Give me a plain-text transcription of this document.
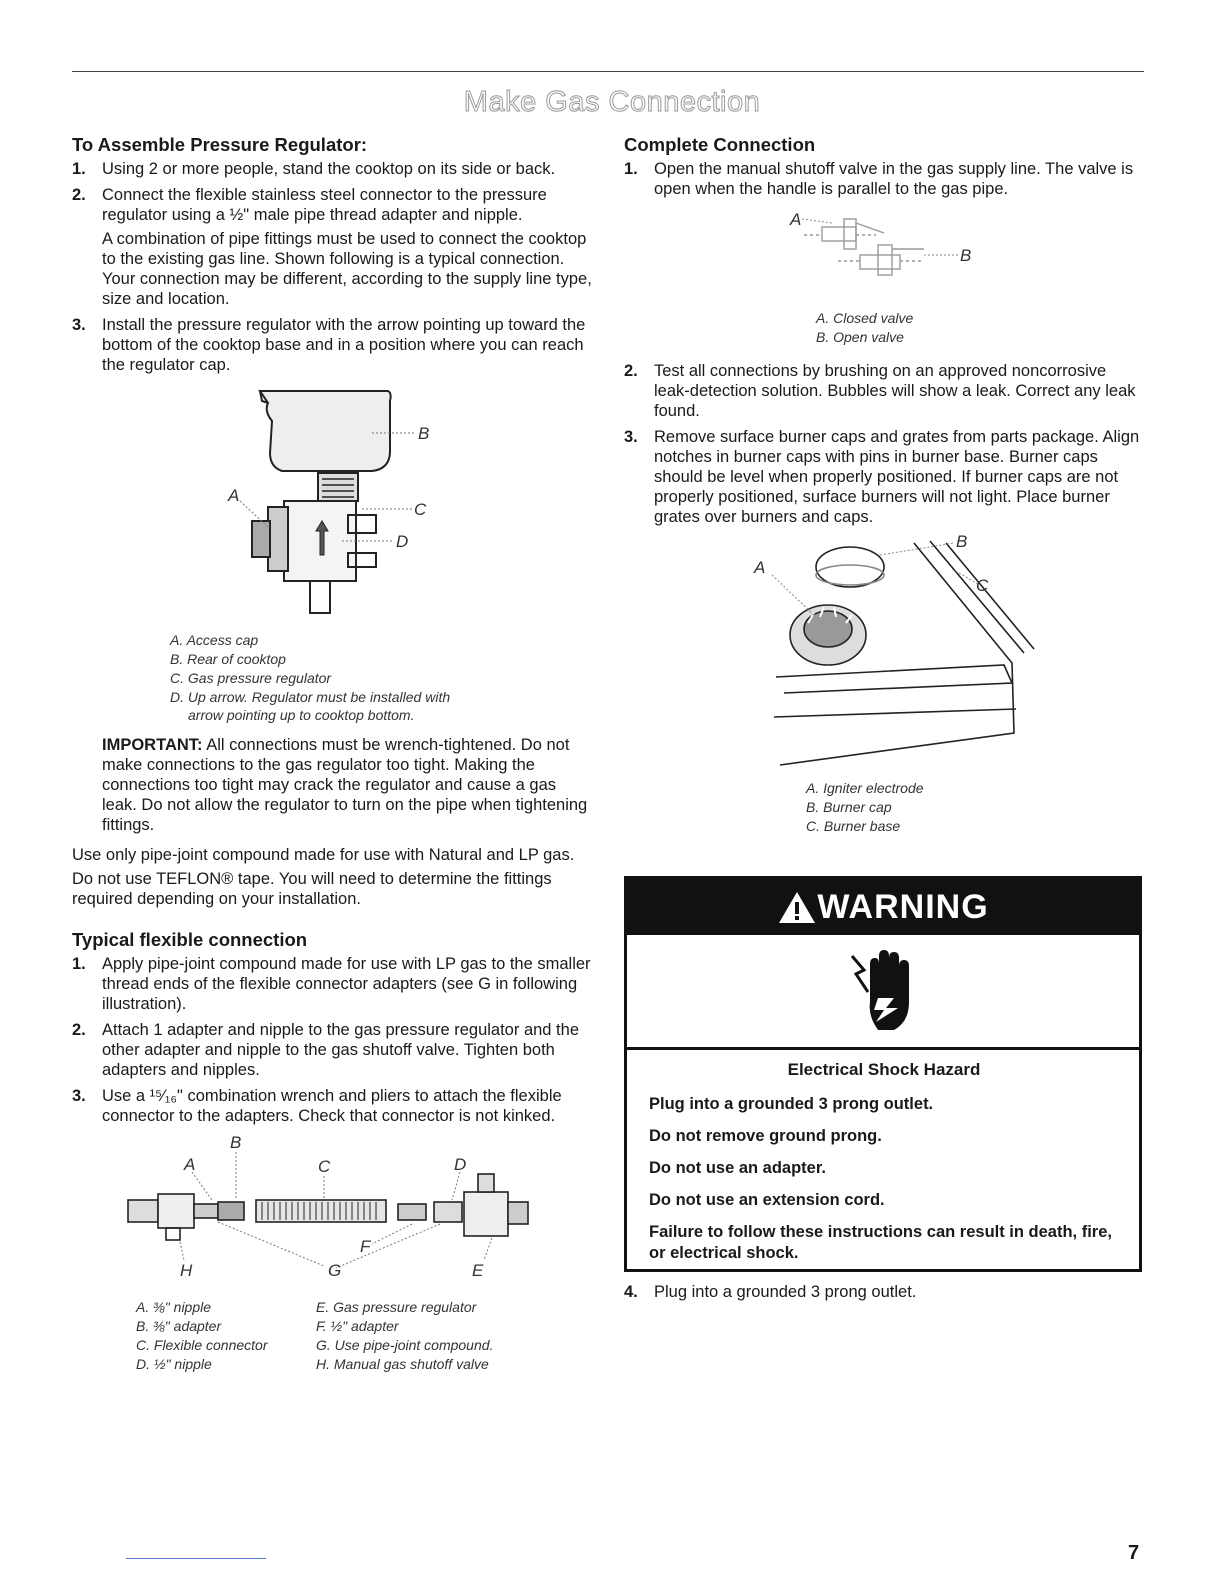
Make Gas Connection
To Assemble Pressure Regulator:
1. Using 2 or more people, stand the cooktop on its side or back.
2. Connect the flexible stainless steel connector to the pressure regulator using a ½" male pipe thread adapter and nipple.

A combination of pipe fittings must be used to connect the cooktop to the existing gas line. Shown following is a typical connection. Your connection may be different, according to the supply line type, size and location.

3. Install the pressure regulator with the arrow pointing up toward the bottom of the cooktop base and in a position where you can reach the regulator cap.
B
C
D
A
A. Access cap
B. Rear of cooktop
C. Gas pressure regulator
D. Up arrow. Regulator must be installed with
arrow pointing up to cooktop bottom.

IMPORTANT: All connections must be wrench-tightened. Do not make connections to the gas regulator too tight. Making the connections too tight may crack the regulator and cause a gas leak. Do not allow the regulator to turn on the pipe when tightening fittings.

Use only pipe-joint compound made for use with Natural and LP gas.

Do not use TEFLON® tape. You will need to determine the fittings required depending on your installation.

Typical flexible connection
1. Apply pipe-joint compound made for use with LP gas to the smaller thread ends of the flexible connector adapters (see G in following illustration).
2. Attach 1 adapter and nipple to the gas pressure regulator and the other adapter and nipple to the gas shutoff valve. Tighten both adapters and nipples.
3. Use a ¹⁵⁄₁₆" combination wrench and pliers to attach the flexible connector to the adapters. Check that connector is not kinked.
B
A	C	D
F
H	G	E
A. ⅜" nipple
B. ⅜" adapter
C. Flexible connector
D. ½" nipple
E. Gas pressure regulator
F. ½" adapter
G. Use pipe-joint compound.
H. Manual gas shutoff valve
Complete Connection
1. Open the manual shutoff valve in the gas supply line. The valve is open when the handle is parallel to the gas pipe.
A
B
A. Closed valve
B. Open valve
2. Test all connections by brushing on an approved noncorrosive leak-detection solution. Bubbles will show a leak. Correct any leak found.
3. Remove surface burner caps and grates from parts package. Align notches in burner caps with pins in burner base. Burner caps should be level when properly positioned. If burner caps are not properly positioned, surface burners will not light. Place burner grates over burners and caps.
A
B
C
A. Igniter electrode
B. Burner cap
C. Burner base
WARNING
Electrical Shock Hazard
Plug into a grounded 3 prong outlet.
Do not remove ground prong.
Do not use an adapter.
Do not use an extension cord.
Failure to follow these instructions can result in death, fire, or electrical shock.
4. Plug into a grounded 3 prong outlet.
7
